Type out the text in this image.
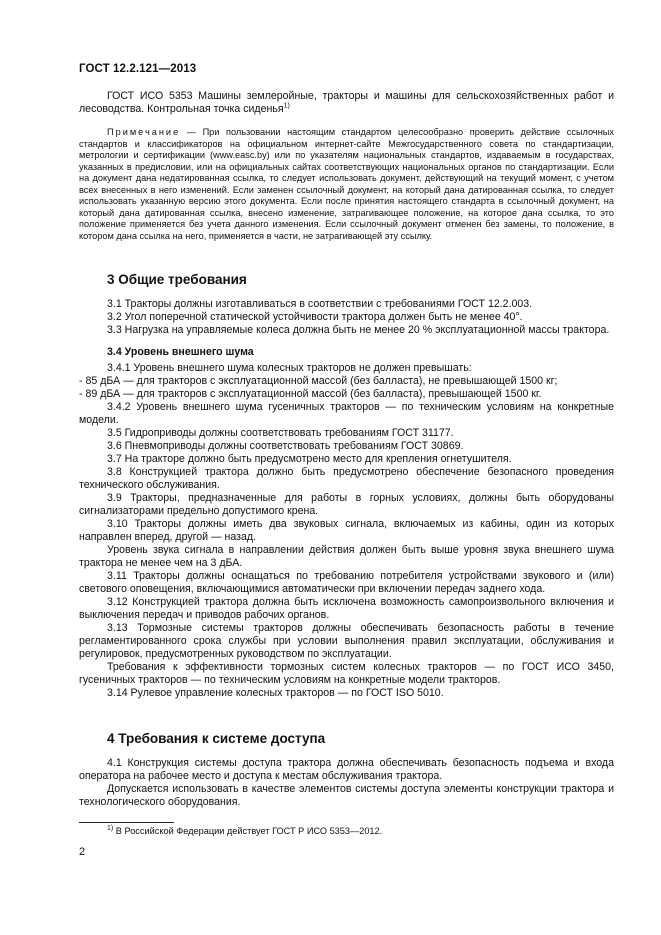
ГОСТ 12.2.121—2013
ГОСТ ИСО 5353 Машины землеройные, тракторы и машины для сельскохозяйственных работ и лесоводства. Контрольная точка сиденья$^{1)}$
Примечание — При пользовании настоящим стандартом целесообразно проверить действие ссылочных стандартов и классификаторов на официальном интернет-сайте Межгосударственного совета по стандартизации, метрологии и сертификации (www.easc.by) или по указателям национальных стандартов, издаваемым в государствах, указанных в предисловии, или на официальных сайтах соответствующих национальных органов по стандартизации. Если на документ дана недатированная ссылка, то следует использовать документ, действующий на текущий момент, с учетом всех внесенных в него изменений. Если заменен ссылочный документ, на который дана датированная ссылка, то следует использовать указанную версию этого документа. Если после принятия настоящего стандарта в ссылочный документ, на который дана датированная ссылка, внесено изменение, затрагивающее положение, на которое дана ссылка, то это положение применяется без учета данного изменения. Если ссылочный документ отменен без замены, то положение, в котором дана ссылка на него, применяется в части, не затрагивающей эту ссылку.
3 Общие требования

3.1 Тракторы должны изготавливаться в соответствии с требованиями ГОСТ 12.2.003.

3.2 Угол поперечной статической устойчивости трактора должен быть не менее 40°.

3.3 Нагрузка на управляемые колеса должна быть не менее 20 % эксплуатационной массы трактора.

3.4 Уровень внешнего шума

3.4.1 Уровень внешнего шума колесных тракторов не должен превышать:

- 85 дБА — для тракторов с эксплуатационной массой (без балласта), не превышающей 1500 кг;

- 89 дБА — для тракторов с эксплуатационной массой (без балласта), превышающей 1500 кг.

3.4.2 Уровень внешнего шума гусеничных тракторов — по техническим условиям на конкретные модели.

3.5 Гидроприводы должны соответствовать требованиям ГОСТ 31177.

3.6 Пневмоприводы должны соответствовать требованиям ГОСТ 30869.

3.7 На тракторе должно быть предусмотрено место для крепления огнетушителя.

3.8 Конструкцией трактора должно быть предусмотрено обеспечение безопасного проведения технического обслуживания.

3.9 Тракторы, предназначенные для работы в горных условиях, должны быть оборудованы сигнализаторами предельно допустимого крена.

3.10 Тракторы должны иметь два звуковых сигнала, включаемых из кабины, один из которых направлен вперед, другой — назад.

Уровень звука сигнала в направлении действия должен быть выше уровня звука внешнего шума трактора не менее чем на 3 дБА.

3.11 Тракторы должны оснащаться по требованию потребителя устройствами звукового и (или) светового оповещения, включающимися автоматически при включении передач заднего хода.

3.12 Конструкцией трактора должна быть исключена возможность самопроизвольного включения и выключения передач и приводов рабочих органов.

3.13 Тормозные системы тракторов должны обеспечивать безопасность работы в течение регламентированного срока службы при условии выполнения правил эксплуатации, обслуживания и регулировок, предусмотренных руководством по эксплуатации.

Требования к эффективности тормозных систем колесных тракторов — по ГОСТ ИСО 3450, гусеничных тракторов — по техническим условиям на конкретные модели тракторов.

3.14 Рулевое управление колесных тракторов — по ГОСТ ISO 5010.

4 Требования к системе доступа

4.1 Конструкция системы доступа трактора должна обеспечивать безопасность подъема и входа оператора на рабочее место и доступа к местам обслуживания трактора.

Допускается использовать в качестве элементов системы доступа элементы конструкции трактора и технологического оборудования.

$^{1)}$ В Российской Федерации действует ГОСТ Р ИСО 5353—2012.
2
